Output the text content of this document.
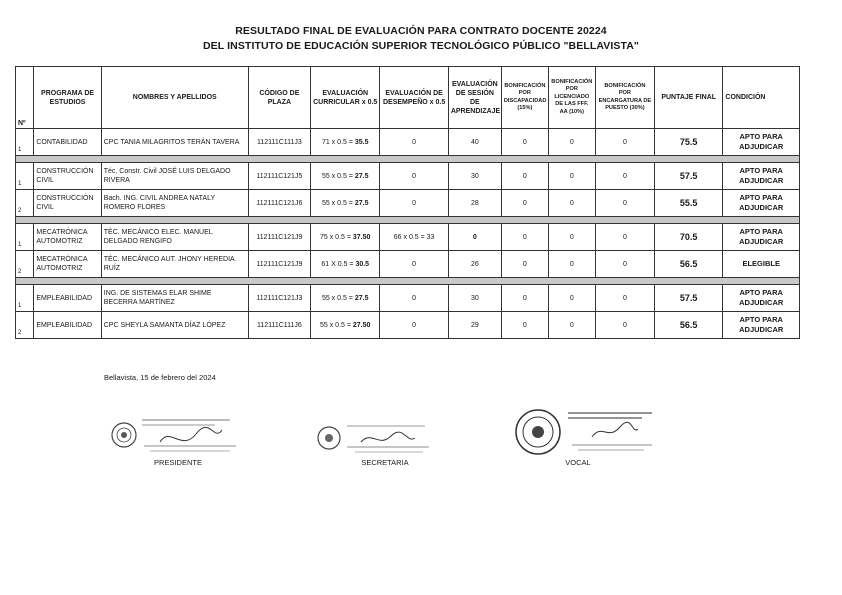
RESULTADO FINAL DE EVALUACIÓN PARA CONTRATO DOCENTE 20224
DEL INSTITUTO DE EDUCACIÓN SUPERIOR TECNOLÓGICO PÚBLICO "BELLAVISTA"
Nº	PROGRAMA DE ESTUDIOS	NOMBRES Y APELLIDOS	CÓDIGO DE PLAZA	EVALUACIÓN CURRICULAR x 0.5	EVALUACIÓN DE DESEMPEÑO x 0.5	EVALUACIÓN DE SESIÓN DE APRENDIZAJE	BONIFICACIÓN POR DISCAPACIDAD (15%)	BONIFICACIÓN POR LICENCIADO DE LAS FFF. AA (10%)	BONIFICACIÓN POR ENCARGATURA DE PUESTO (30%)	PUNTAJE FINAL	CONDICIÓN
1	CONTABILIDAD	CPC TANIA MILAGRITOS TERÁN TAVERA	112111C111J3	71 x 0.5 = 35.5	0	40	0	0	0	75.5	APTO PARA ADJUDICAR

1	CONSTRUCCIÓN CIVIL	Téc. Constr. Civil JOSÉ LUIS DELGADO RIVERA	112111C121J5	55 x 0.5 = 27.5	0	30	0	0	0	57.5	APTO PARA ADJUDICAR
2	CONSTRUCCIÓN CIVIL	Bach. ING. CIVIL ANDREA NATALY ROMERO FLORES	112111C121J6	55 x 0.5 = 27.5	0	28	0	0	0	55.5	APTO PARA ADJUDICAR

1	MECATRÓNICA AUTOMOTRIZ	TÉC. MECÁNICO ELEC. MANUEL DELGADO RENGIFO	112111C121J9	75 x 0.5 = 37.50	66 x 0.5 = 33	0	0	0	0	70.5	APTO PARA ADJUDICAR
2	MECATRÓNICA AUTOMOTRIZ	TÉC. MECÁNICO AUT. JHONY HEREDIA RUÍZ	112111C121J9	61 X 0.5 = 30.5	0	26	0	0	0	56.5	ELEGIBLE

1	EMPLEABILIDAD	ING. DE SISTEMAS ELAR SHIME BECERRA MARTÍNEZ	112111C121J3	55 x 0.5 = 27.5	0	30	0	0	0	57.5	APTO PARA ADJUDICAR
2	EMPLEABILIDAD	CPC SHEYLA SAMANTA DÍAZ LÓPEZ	112111C111J6	55 x 0.5 = 27.50	0	29	0	0	0	56.5	APTO PARA ADJUDICAR
Bellavista, 15 de febrero del 2024
PRESIDENTE	SECRETARIA	VOCAL
